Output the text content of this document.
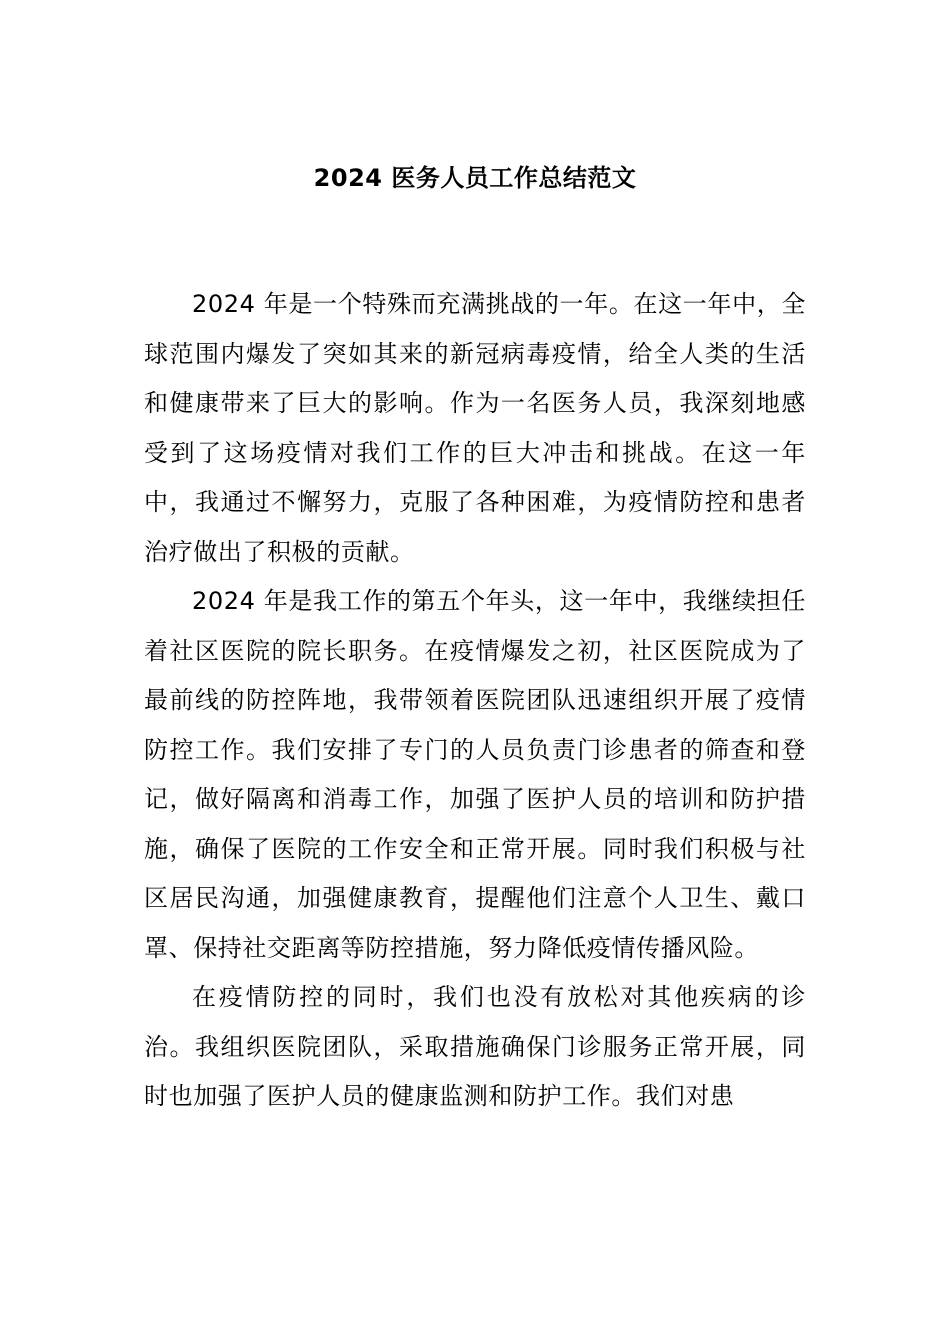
2024 医务人员工作总结范文

2024 年是一个特殊而充满挑战的一年。在这一年中，全球范围内爆发了突如其来的新冠病毒疫情，给全人类的生活和健康带来了巨大的影响。作为一名医务人员，我深刻地感受到了这场疫情对我们工作的巨大冲击和挑战。在这一年中，我通过不懈努力，克服了各种困难，为疫情防控和患者治疗做出了积极的贡献。

2024 年是我工作的第五个年头，这一年中，我继续担任着社区医院的院长职务。在疫情爆发之初，社区医院成为了最前线的防控阵地，我带领着医院团队迅速组织开展了疫情防控工作。我们安排了专门的人员负责门诊患者的筛查和登记，做好隔离和消毒工作，加强了医护人员的培训和防护措施，确保了医院的工作安全和正常开展。同时我们积极与社区居民沟通，加强健康教育，提醒他们注意个人卫生、戴口罩、保持社交距离等防控措施，努力降低疫情传播风险。

在疫情防控的同时，我们也没有放松对其他疾病的诊治。我组织医院团队，采取措施确保门诊服务正常开展，同时也加强了医护人员的健康监测和防护工作。我们对患
